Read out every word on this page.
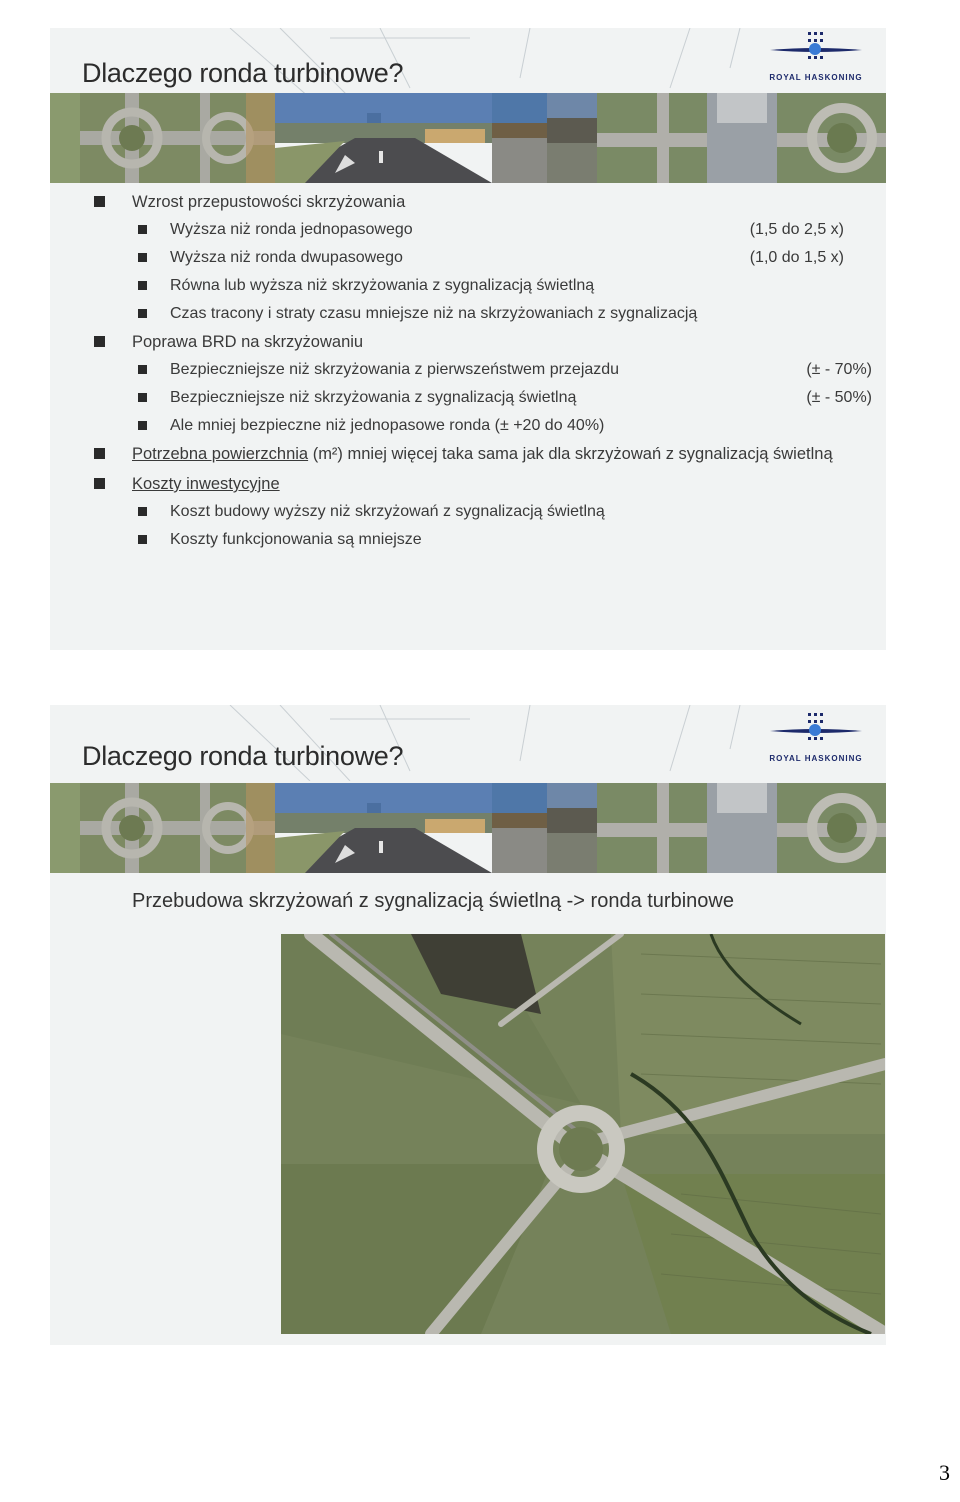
Dlaczego ronda turbinowe?	ROYAL HASKONING
Wzrost przepustowości skrzyżowania
Wyższa niż ronda jednopasowego	(1,5 do 2,5 x)
Wyższa niż ronda dwupasowego	(1,0 do 1,5 x)
Równa lub wyższa niż skrzyżowania z sygnalizacją świetlną
Czas tracony i straty czasu mniejsze niż na skrzyżowaniach z sygnalizacją
Poprawa BRD na skrzyżowaniu
Bezpieczniejsze niż skrzyżowania z pierwszeństwem przejazdu	(± - 70%)
Bezpieczniejsze niż skrzyżowania z sygnalizacją świetlną	(± - 50%)
Ale mniej bezpieczne niż jednopasowe ronda (± +20 do 40%)
Potrzebna powierzchnia (m²) mniej więcej taka sama jak dla skrzyżowań z sygnalizacją świetlną
Koszty inwestycyjne
Koszt budowy wyższy niż skrzyżowań z sygnalizacją świetlną
Koszty funkcjonowania są mniejsze
Dlaczego ronda turbinowe?	ROYAL HASKONING
Przebudowa skrzyżowań z sygnalizacją świetlną -> ronda turbinowe
3
